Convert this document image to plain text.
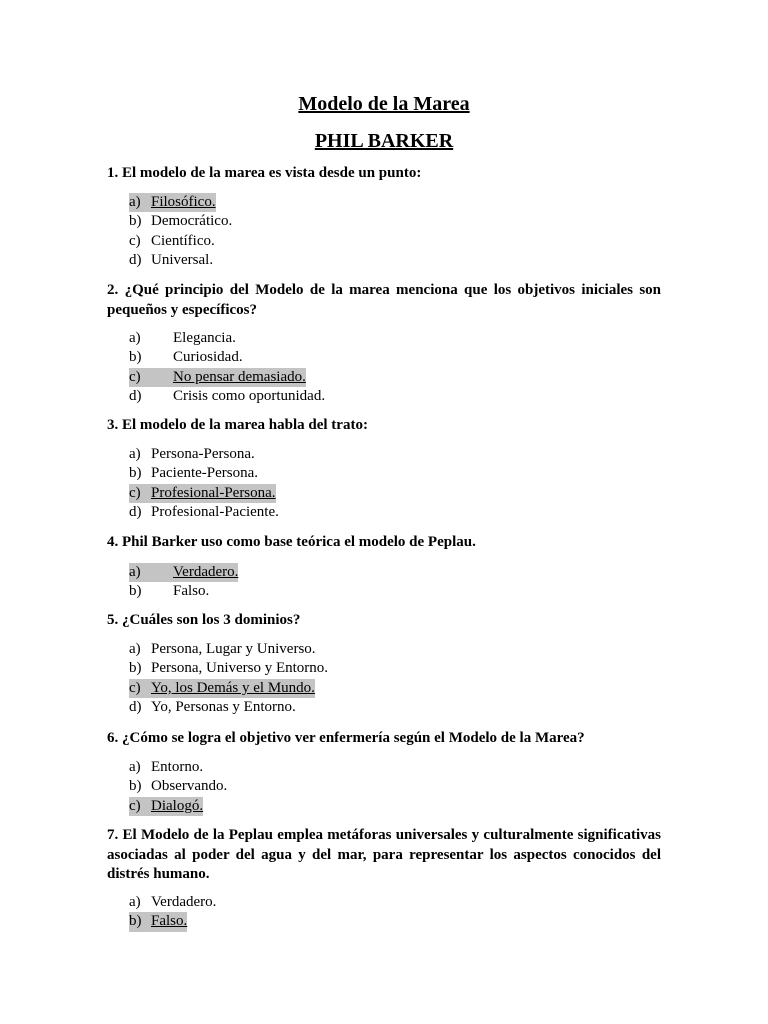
Modelo de la Marea
PHIL BARKER

1. El modelo de la marea es vista desde un punto:

a) Filosófico.
b) Democrático.
c) Científico.
d) Universal.

2. ¿Qué principio del Modelo de la marea menciona que los objetivos iniciales son pequeños y específicos?

a) Elegancia.
b) Curiosidad.
c) No pensar demasiado.
d) Crisis como oportunidad.

3. El modelo de la marea habla del trato:

a) Persona-Persona.
b) Paciente-Persona.
c) Profesional-Persona.
d) Profesional-Paciente.

4. Phil Barker uso como base teórica el modelo de Peplau.

a) Verdadero.
b) Falso.

5. ¿Cuáles son los 3 dominios?

a) Persona, Lugar y Universo.
b) Persona, Universo y Entorno.
c) Yo, los Demás y el Mundo.
d) Yo, Personas y Entorno.

6. ¿Cómo se logra el objetivo ver enfermería según el Modelo de la Marea?

a) Entorno.
b) Observando.
c) Dialogó.

7. El Modelo de la Peplau emplea metáforas universales y culturalmente significativas asociadas al poder del agua y del mar, para representar los aspectos conocidos del distrés humano.

a) Verdadero.
b) Falso.
